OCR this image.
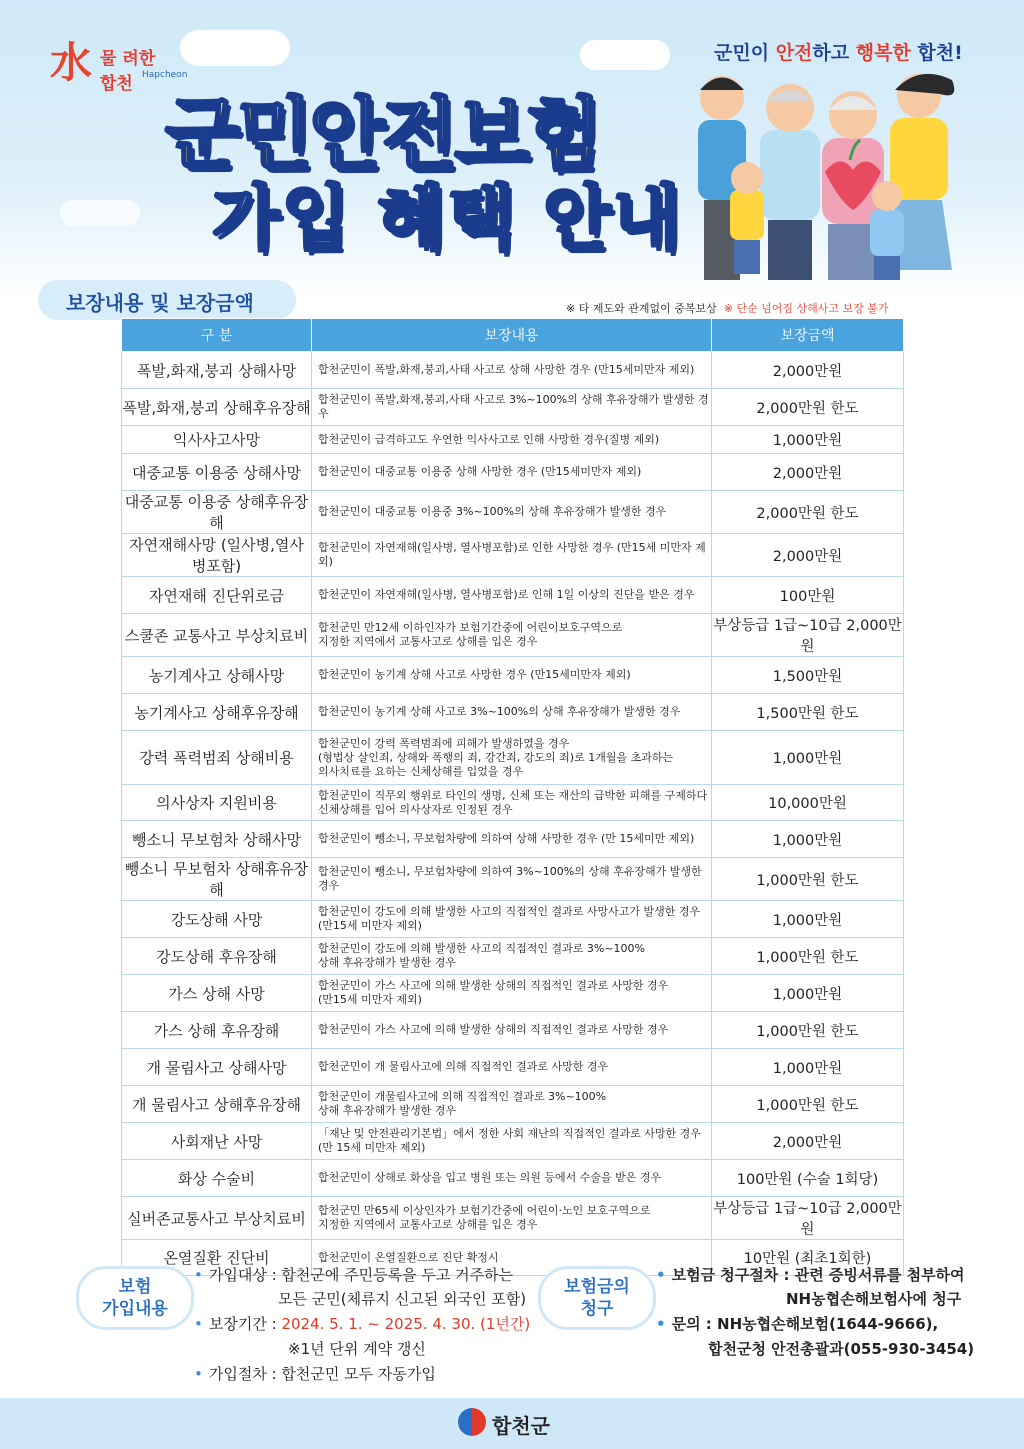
水 물 려한 합천	Hapcheon
군민이 안전하고 행복한 합천!
군민안전보험
가입 혜택 안내
보장내용 및 보장금액	※ 타 제도와 관계없이 중복보상 ※ 단순 넘어짐 상해사고 보장 불가
구 분	보장내용	보장금액
폭발,화재,붕괴 상해사망	합천군민이 폭발,화재,붕괴,사태 사고로 상해 사망한 경우 (만15세미만자 제외)	2,000만원
폭발,화재,붕괴 상해후유장해	합천군민이 폭발,화재,붕괴,사태 사고로 3%~100%의 상해 후유장해가 발생한 경우	2,000만원 한도
익사사고사망	합천군민이 급격하고도 우연한 익사사고로 인해 사망한 경우(질병 제외)	1,000만원
대중교통 이용중 상해사망	합천군민이 대중교통 이용중 상해 사망한 경우 (만15세미만자 제외)	2,000만원
대중교통 이용중 상해후유장해	합천군민이 대중교통 이용중 3%~100%의 상해 후유장해가 발생한 경우	2,000만원 한도
자연재해사망 (일사병,열사병포함)	합천군민이 자연재해(일사병, 열사병포함)로 인한 사망한 경우 (만15세 미만자 제외)	2,000만원
자연재해 진단위로금	합천군민이 자연재해(일사병, 열사병포함)로 인해 1일 이상의 진단을 받은 경우	100만원
스쿨존 교통사고 부상치료비	합천군민 만12세 이하인자가 보험기간중에 어린이보호구역으로
지정한 지역에서 교통사고로 상해를 입은 경우	부상등급 1급~10급 2,000만원
농기계사고 상해사망	합천군민이 농기계 상해 사고로 사망한 경우 (만15세미만자 제외)	1,500만원
농기계사고 상해후유장해	합천군민이 농기계 상해 사고로 3%~100%의 상해 후유장해가 발생한 경우	1,500만원 한도
강력 폭력범죄 상해비용	합천군민이 강력 폭력범죄에 피해가 발생하였을 경우
(형법상 살인죄, 상해와 폭행의 죄, 강간죄, 강도의 죄)로 1개월을 초과하는
의사치료를 요하는 신체상해를 입었을 경우	1,000만원
의사상자 지원비용	합천군민이 직무외 행위로 타인의 생명, 신체 또는 재산의 급박한 피해를 구제하다
신체상해를 입어 의사상자로 인정된 경우	10,000만원
뺑소니 무보험차 상해사망	합천군민이 뺑소니, 무보험차량에 의하여 상해 사망한 경우 (만 15세미만 제외)	1,000만원
뺑소니 무보험차 상해휴유장해	합천군민이 뺑소니, 무보험차량에 의하여 3%~100%의 상해 후유장해가 발생한 경우	1,000만원 한도
강도상해 사망	합천군민이 강도에 의해 발생한 사고의 직접적인 결과로 사망사고가 발생한 경우
(만15세 미만자 제외)	1,000만원
강도상해 후유장해	합천군민이 강도에 의해 발생한 사고의 직접적인 결과로 3%~100%
상해 후유장해가 발생한 경우	1,000만원 한도
가스 상해 사망	합천군민이 가스 사고에 의해 발생한 상해의 직접적인 결과로 사망한 경우
(만15세 미만자 제외)	1,000만원
가스 상해 후유장해	합천군민이 가스 사고에 의해 발생한 상해의 직접적인 결과로 사망한 경우	1,000만원 한도
개 물림사고 상해사망	합천군민이 개 물림사고에 의해 직접적인 결과로 사망한 경우	1,000만원
개 물림사고 상해후유장해	합천군민이 개물림사고에 의해 직접적인 결과로 3%~100%
상해 후유장해가 발생한 경우	1,000만원 한도
사회재난 사망	「재난 및 안전관리기본법」에서 정한 사회 재난의 직접적인 결과로 사망한 경우
(만 15세 미만자 제외)	2,000만원
화상 수술비	합천군민이 상해로 화상을 입고 병원 또는 의원 등에서 수술을 받은 경우	100만원 (수술 1회당)
실버존교통사고 부상치료비	합천군민 만65세 이상인자가 보험기간중에 어린이·노인 보호구역으로
지정한 지역에서 교통사고로 상해를 입은 경우	부상등급 1급~10급 2,000만원
온열질환 진단비	합천군민이 온열질환으로 진단 확정시	10만원 (최초1회한)
보험
가입내용
• 가입대상 : 합천군에 주민등록을 두고 거주하는
모든 군민(체류지 신고된 외국인 포함)
• 보장기간 : 2024. 5. 1. ~ 2025. 4. 30. (1년간)
※1년 단위 계약 갱신
• 가입절차 : 합천군민 모두 자동가입
보험금의
청구
• 보험금 청구절차 : 관련 증빙서류를 첨부하여
NH농협손해보험사에 청구
• 문의 : NH농협손해보험(1644-9666),
합천군청 안전총괄과(055-930-3454)
합천군
